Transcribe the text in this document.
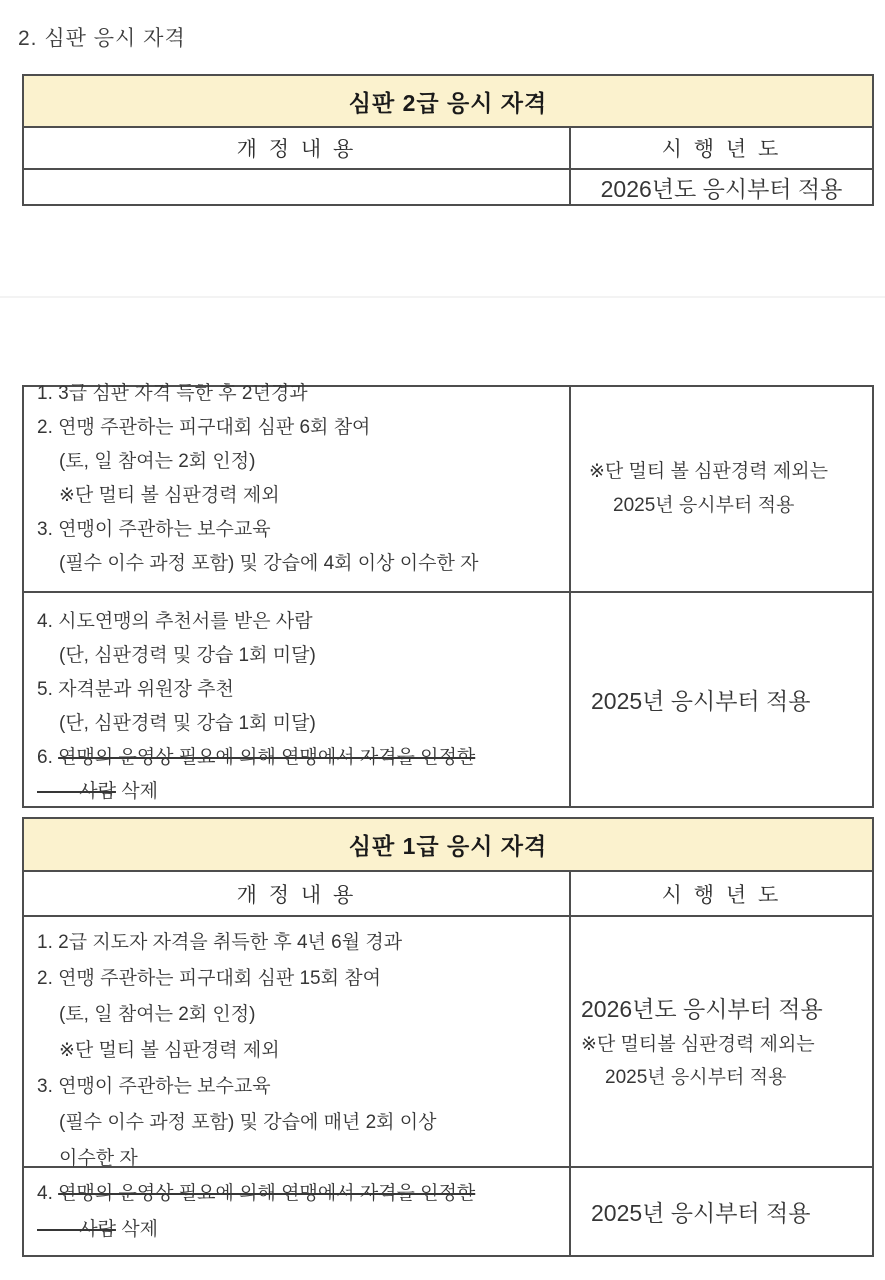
2. 심판 응시 자격
심판 2급 응시 자격
개 정 내 용	시 행 년 도
2026년도 응시부터 적용
1. 3급 심판 자격 득한 후 2년경과
2. 연맹 주관하는 피구대회 심판 6회 참여
(토, 일 참여는 2회 인정)
※단 멀티 볼 심판경력 제외
3. 연맹이 주관하는 보수교육
(필수 이수 과정 포함) 및 강습에 4회 이상 이수한 자
※단 멀티 볼 심판경력 제외는
2025년 응시부터 적용
4. 시도연맹의 추천서를 받은 사람
(단, 심판경력 및 강습 1회 미달)
5. 자격분과 위원장 추천
(단, 심판경력 및 강습 1회 미달)
6. 연맹의 운영상 필요에 의해 연맹에서 자격을 인정한
사람 삭제
2025년 응시부터 적용
심판 1급 응시 자격
개 정 내 용	시 행 년 도
1. 2급 지도자 자격을 취득한 후 4년 6월 경과
2. 연맹 주관하는 피구대회 심판 15회 참여
(토, 일 참여는 2회 인정)
※단 멀티 볼 심판경력 제외
3. 연맹이 주관하는 보수교육
(필수 이수 과정 포함) 및 강습에 매년 2회 이상
이수한 자
2026년도 응시부터 적용
※단 멀티볼 심판경력 제외는
2025년 응시부터 적용
4. 연맹의 운영상 필요에 의해 연맹에서 자격을 인정한
사람 삭제
2025년 응시부터 적용
